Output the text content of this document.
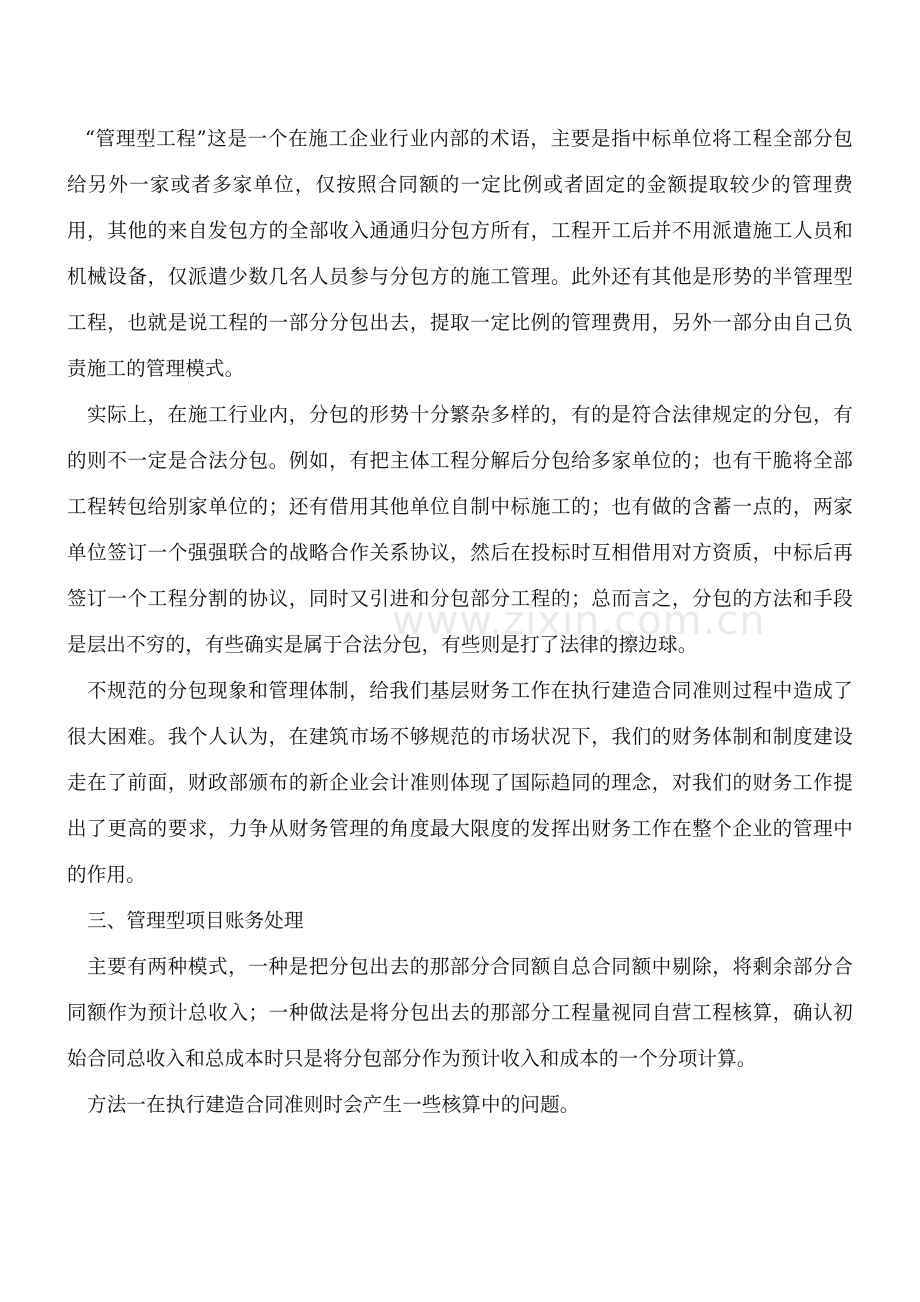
“管理型工程”这是一个在施工企业行业内部的术语，主要是指中标单位将工程全部分包给另外一家或者多家单位，仅按照合同额的一定比例或者固定的金额提取较少的管理费用，其他的来自发包方的全部收入通通归分包方所有，工程开工后并不用派遣施工人员和机械设备，仅派遣少数几名人员参与分包方的施工管理。此外还有其他是形势的半管理型工程，也就是说工程的一部分分包出去，提取一定比例的管理费用，另外一部分由自己负责施工的管理模式。

实际上，在施工行业内，分包的形势十分繁杂多样的，有的是符合法律规定的分包，有的则不一定是合法分包。例如，有把主体工程分解后分包给多家单位的；也有干脆将全部工程转包给别家单位的；还有借用其他单位自制中标施工的；也有做的含蓄一点的，两家单位签订一个强强联合的战略合作关系协议，然后在投标时互相借用对方资质，中标后再签订一个工程分割的协议，同时又引进和分包部分工程的；总而言之，分包的方法和手段是层出不穷的，有些确实是属于合法分包，有些则是打了法律的擦边球。

不规范的分包现象和管理体制，给我们基层财务工作在执行建造合同准则过程中造成了很大困难。我个人认为，在建筑市场不够规范的市场状况下，我们的财务体制和制度建设走在了前面，财政部颁布的新企业会计准则体现了国际趋同的理念，对我们的财务工作提出了更高的要求，力争从财务管理的角度最大限度的发挥出财务工作在整个企业的管理中的作用。

三、管理型项目账务处理

主要有两种模式，一种是把分包出去的那部分合同额自总合同额中剔除，将剩余部分合同额作为预计总收入；一种做法是将分包出去的那部分工程量视同自营工程核算，确认初始合同总收入和总成本时只是将分包部分作为预计收入和成本的一个分项计算。

方法一在执行建造合同准则时会产生一些核算中的问题。

www.zixin.com.cn
